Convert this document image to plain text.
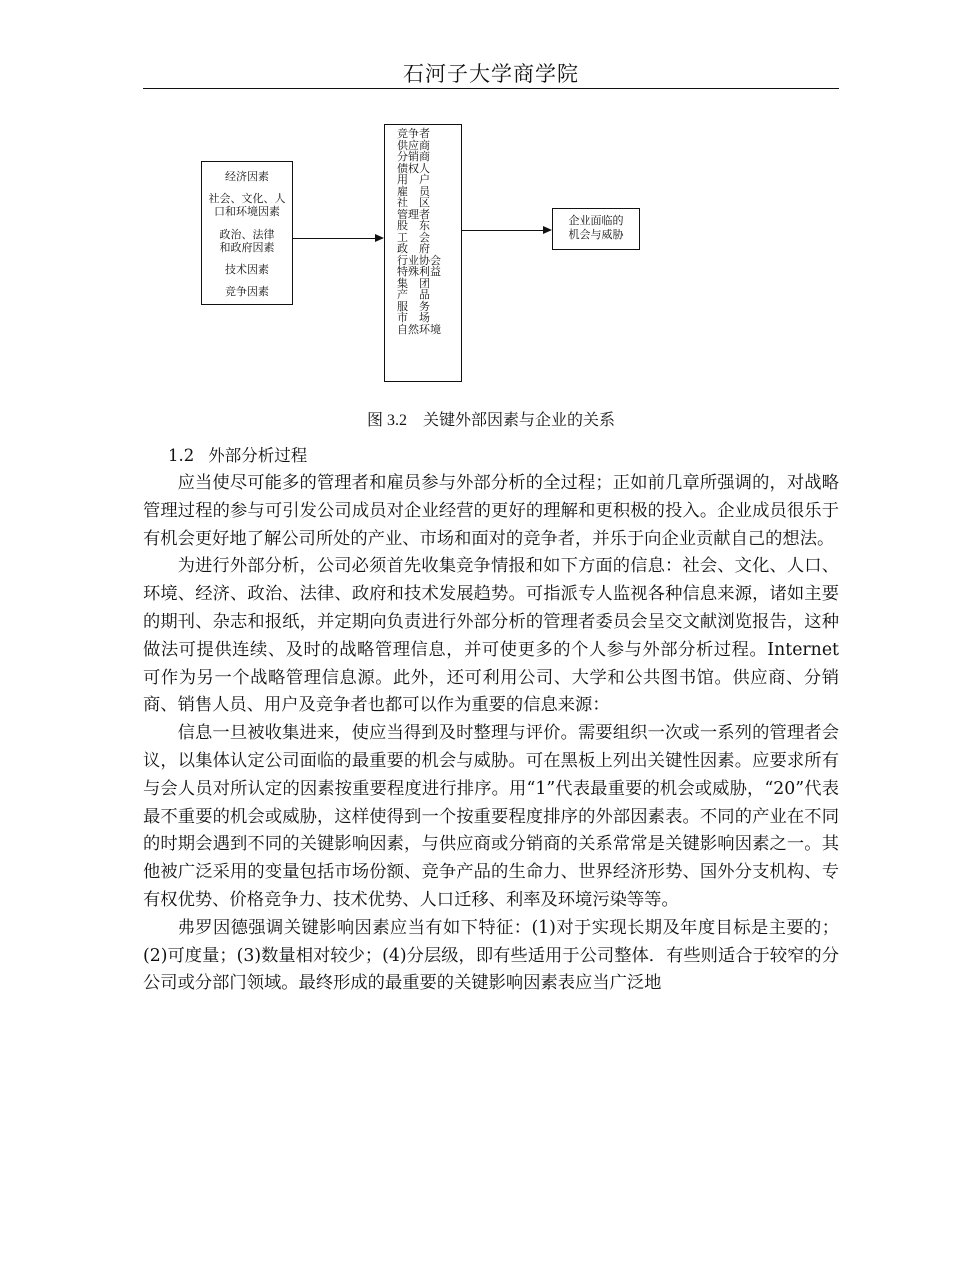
石河子大学商学院
经济因素
社会、文化、人
口和环境因素
政治、法律
和政府因素
技术因素
竞争因素
竞争者
供应商
分销商
债权人
用　户
雇　员
社　区
管理者
股　东
工　会
政　府
行业协会
特殊利益
集　团
产　品
服　务
市　场
自然环境
企业面临的
机会与威胁
图 3.2 关键外部因素与企业的关系
1.2 外部分析过程

应当使尽可能多的管理者和雇员参与外部分析的全过程；正如前几章所强调的，对战略管理过程的参与可引发公司成员对企业经营的更好的理解和更积极的投入。企业成员很乐于有机会更好地了解公司所处的产业、市场和面对的竞争者，并乐于向企业贡献自己的想法。

为进行外部分析，公司必须首先收集竞争情报和如下方面的信息：社会、文化、人口、环境、经济、政治、法律、政府和技术发展趋势。可指派专人监视各种信息来源，诸如主要的期刊、杂志和报纸，并定期向负责进行外部分析的管理者委员会呈交文献浏览报告，这种做法可提供连续、及时的战略管理信息，并可使更多的个人参与外部分析过程。Internet 可作为另一个战略管理信息源。此外，还可利用公司、大学和公共图书馆。供应商、分销商、销售人员、用户及竞争者也都可以作为重要的信息来源：

信息一旦被收集进来，使应当得到及时整理与评价。需要组织一次或一系列的管理者会议，以集体认定公司面临的最重要的机会与威胁。可在黑板上列出关键性因素。应要求所有与会人员对所认定的因素按重要程度进行排序。用“1”代表最重要的机会或威胁，“20”代表最不重要的机会或威胁，这样使得到一个按重要程度排序的外部因素表。不同的产业在不同的时期会遇到不同的关键影响因素，与供应商或分销商的关系常常是关键影响因素之一。其他被广泛采用的变量包括市场份额、竞争产品的生命力、世界经济形势、国外分支机构、专有权优势、价格竞争力、技术优势、人口迁移、利率及环境污染等等。

弗罗因德强调关键影响因素应当有如下特征：(1)对于实现长期及年度目标是主要的；(2)可度量；(3)数量相对较少；(4)分层级，即有些适用于公司整体．有些则适合于较窄的分公司或分部门领域。最终形成的最重要的关键影响因素表应当广泛地
